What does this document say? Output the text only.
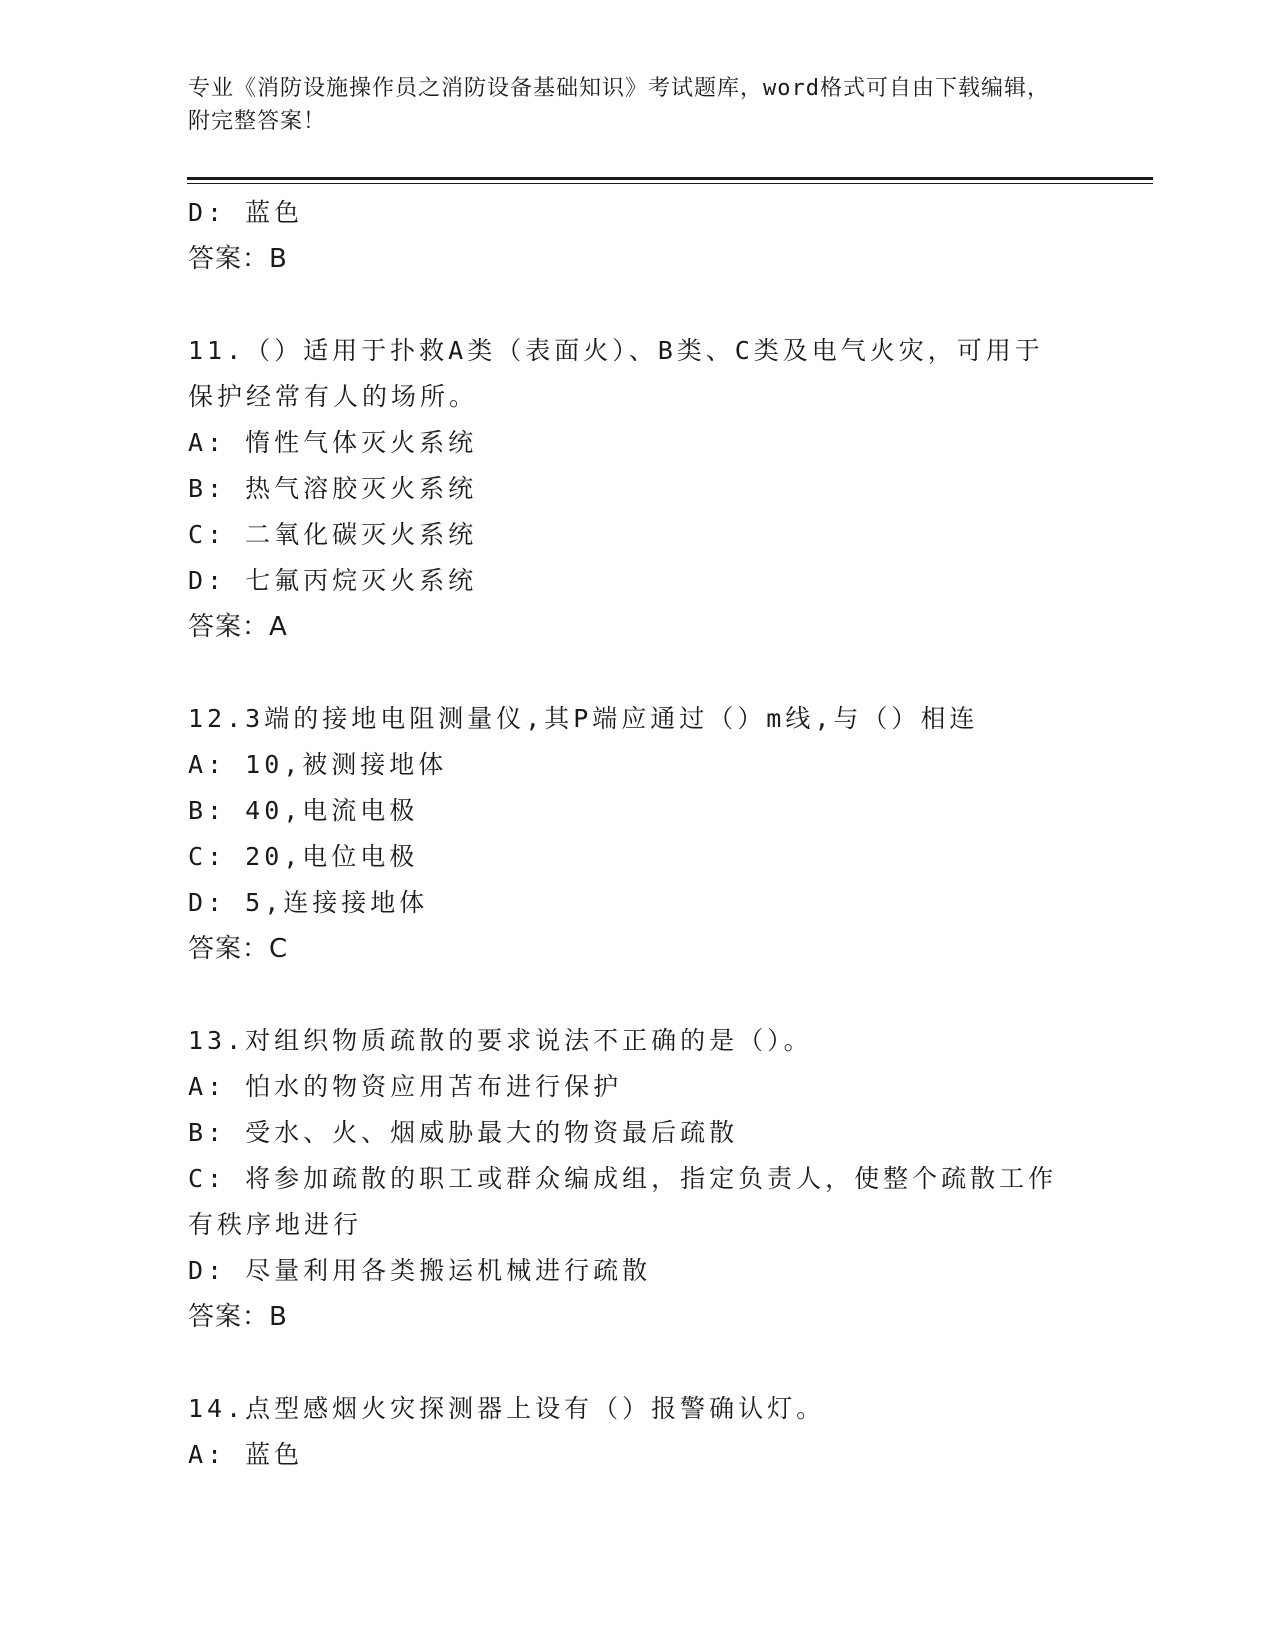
专业《消防设施操作员之消防设备基础知识》考试题库，word格式可自由下载编辑，附完整答案！
D: 蓝色
答案：B
11.（）适用于扑救A类（表面火）、B类、C类及电气火灾，可用于保护经常有人的场所。
A: 惰性气体灭火系统
B: 热气溶胶灭火系统
C: 二氧化碳灭火系统
D: 七氟丙烷灭火系统
答案：A
12.3端的接地电阻测量仪,其P端应通过（）m线,与（）相连
A: 10,被测接地体
B: 40,电流电极
C: 20,电位电极
D: 5,连接接地体
答案：C
13.对组织物质疏散的要求说法不正确的是（）。
A: 怕水的物资应用苫布进行保护
B: 受水、火、烟威胁最大的物资最后疏散
C: 将参加疏散的职工或群众编成组，指定负责人，使整个疏散工作有秩序地进行
D: 尽量利用各类搬运机械进行疏散
答案：B
14.点型感烟火灾探测器上设有（）报警确认灯。
A: 蓝色
